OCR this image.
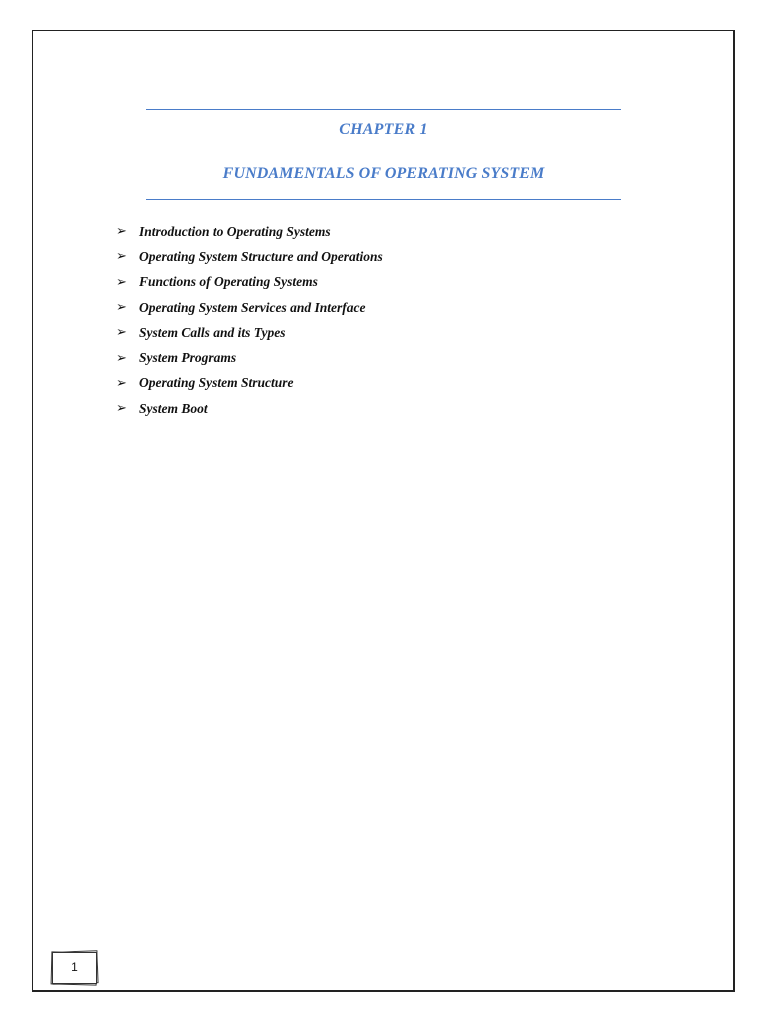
CHAPTER 1
FUNDAMENTALS OF OPERATING SYSTEM
➢ Introduction to Operating Systems
➢ Operating System Structure and Operations
➢ Functions of Operating Systems
➢ Operating System Services and Interface
➢ System Calls and its Types
➢ System Programs
➢ Operating System Structure
➢ System Boot
1
